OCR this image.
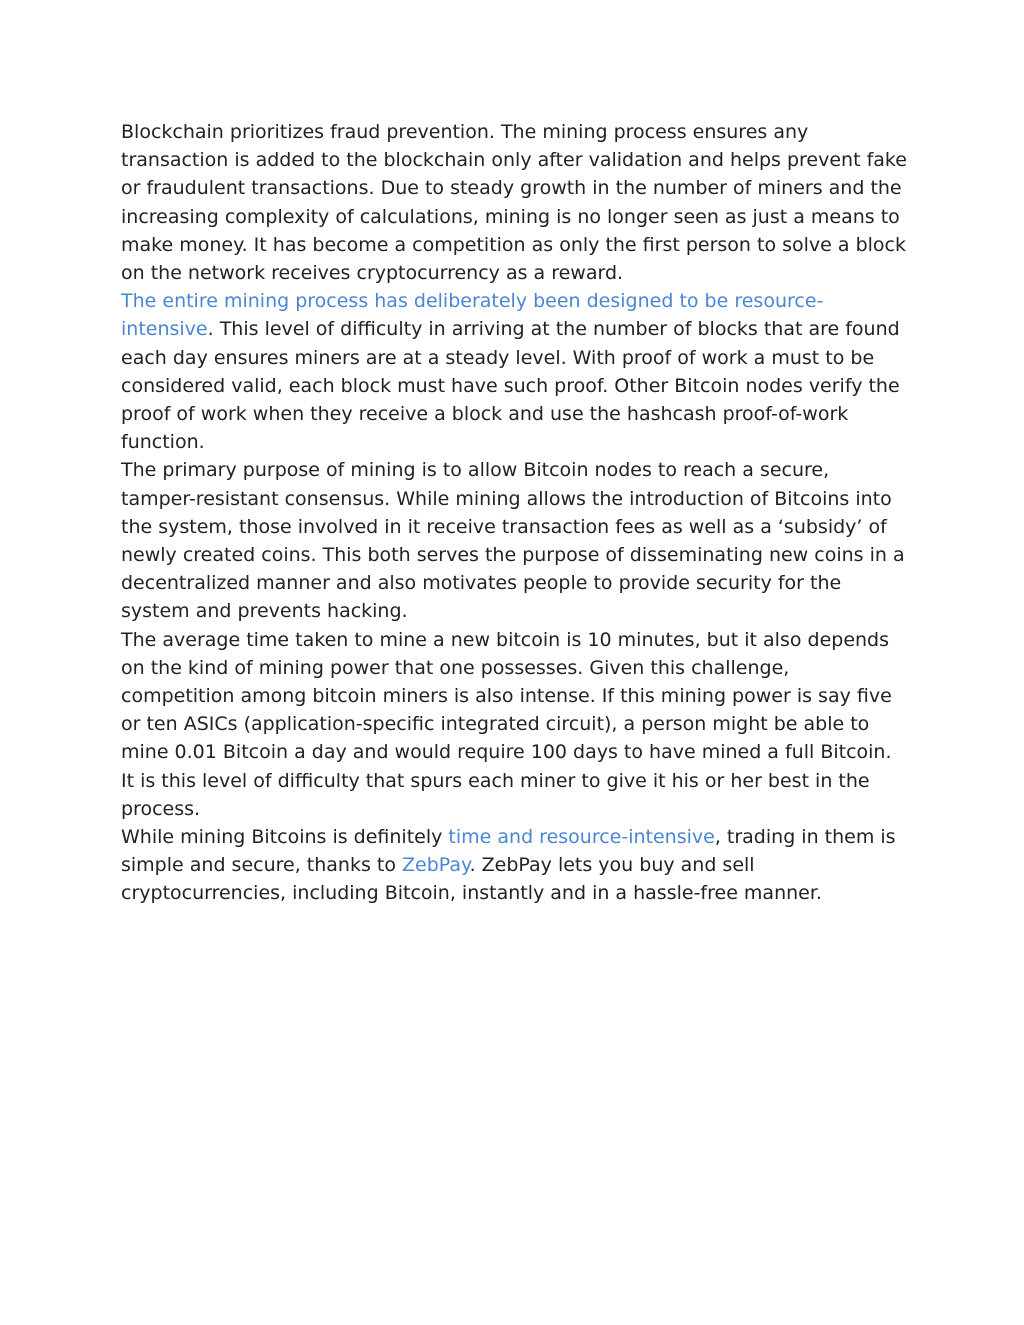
Blockchain prioritizes fraud prevention. The mining process ensures any transaction is added to the blockchain only after validation and helps prevent fake or fraudulent transactions. Due to steady growth in the number of miners and the increasing complexity of calculations, mining is no longer seen as just a means to make money. It has become a competition as only the first person to solve a block on the network receives cryptocurrency as a reward.

The entire mining process has deliberately been designed to be resource-intensive. This level of difficulty in arriving at the number of blocks that are found each day ensures miners are at a steady level. With proof of work a must to be considered valid, each block must have such proof. Other Bitcoin nodes verify the proof of work when they receive a block and use the hashcash proof-of-work function.

The primary purpose of mining is to allow Bitcoin nodes to reach a secure, tamper-resistant consensus. While mining allows the introduction of Bitcoins into the system, those involved in it receive transaction fees as well as a ‘subsidy’ of newly created coins. This both serves the purpose of disseminating new coins in a decentralized manner and also motivates people to provide security for the system and prevents hacking.

The average time taken to mine a new bitcoin is 10 minutes, but it also depends on the kind of mining power that one possesses. Given this challenge, competition among bitcoin miners is also intense. If this mining power is say five or ten ASICs (application-specific integrated circuit), a person might be able to mine 0.01 Bitcoin a day and would require 100 days to have mined a full Bitcoin. It is this level of difficulty that spurs each miner to give it his or her best in the process.

While mining Bitcoins is definitely time and resource-intensive, trading in them is simple and secure, thanks to ZebPay. ZebPay lets you buy and sell cryptocurrencies, including Bitcoin, instantly and in a hassle-free manner.
